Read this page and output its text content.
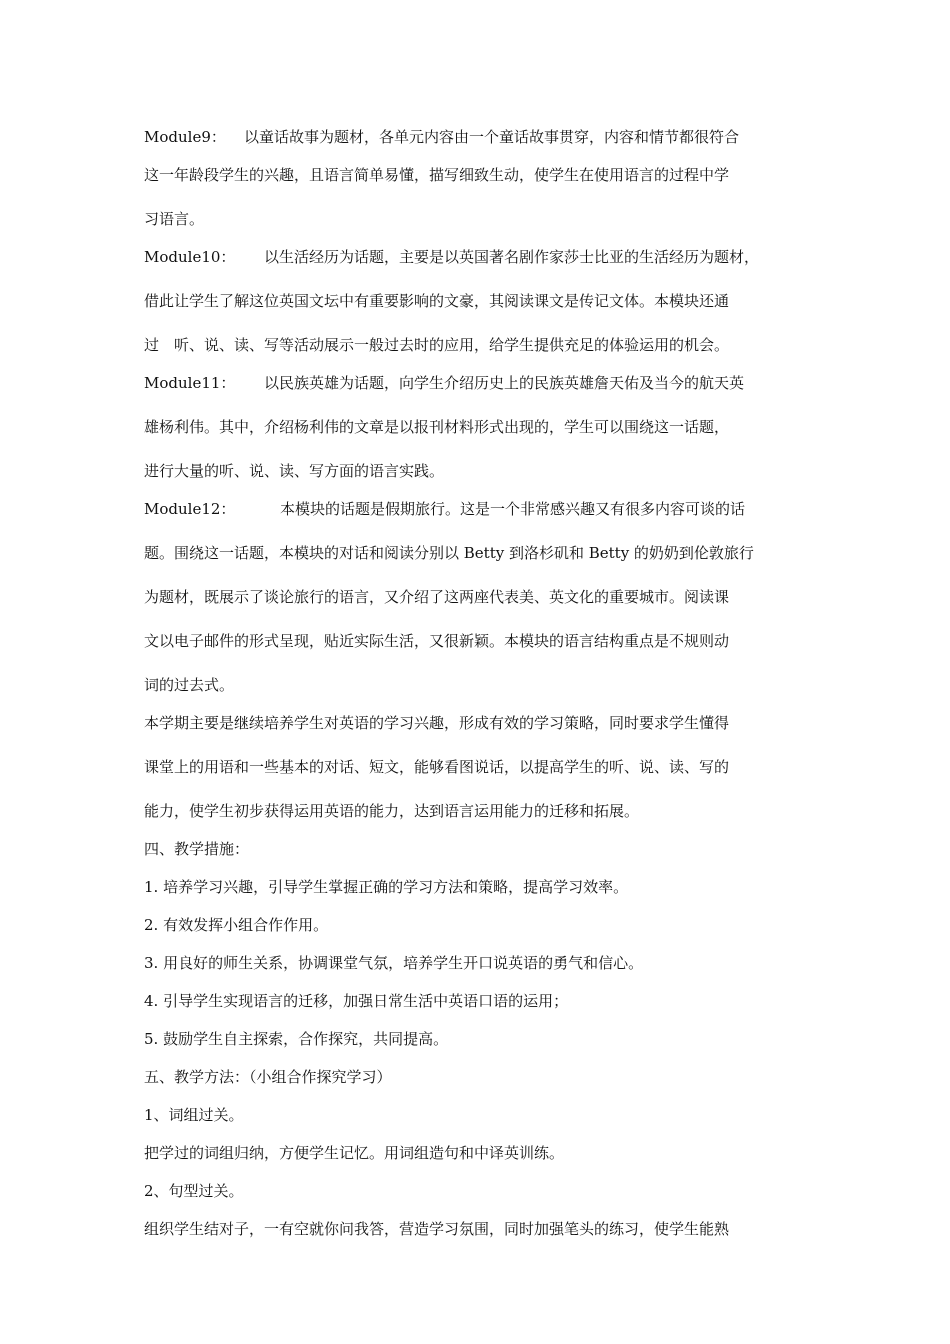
Module9： 以童话故事为题材，各单元内容由一个童话故事贯穿，内容和情节都很符合
这一年龄段学生的兴趣，且语言简单易懂，描写细致生动，使学生在使用语言的过程中学
习语言。
Module10： 以生活经历为话题，主要是以英国著名剧作家莎士比亚的生活经历为题材，
借此让学生了解这位英国文坛中有重要影响的文豪，其阅读课文是传记文体。本模块还通
过　听、说、读、写等活动展示一般过去时的应用，给学生提供充足的体验运用的机会。
Module11： 以民族英雄为话题，向学生介绍历史上的民族英雄詹天佑及当今的航天英
雄杨利伟。其中，介绍杨利伟的文章是以报刊材料形式出现的，学生可以围绕这一话题，
进行大量的听、说、读、写方面的语言实践。
Module12：	本模块的话题是假期旅行。这是一个非常感兴趣又有很多内容可谈的话
题。围绕这一话题，本模块的对话和阅读分别以 Betty 到洛杉矶和 Betty 的奶奶到伦敦旅行
为题材，既展示了谈论旅行的语言，又介绍了这两座代表美、英文化的重要城市。阅读课
文以电子邮件的形式呈现，贴近实际生活，又很新颖。本模块的语言结构重点是不规则动
词的过去式。
本学期主要是继续培养学生对英语的学习兴趣，形成有效的学习策略，同时要求学生懂得
课堂上的用语和一些基本的对话、短文，能够看图说话，以提高学生的听、说、读、写的
能力，使学生初步获得运用英语的能力，达到语言运用能力的迁移和拓展。
四、教学措施：
1. 培养学习兴趣，引导学生掌握正确的学习方法和策略，提高学习效率。
2. 有效发挥小组合作作用。
3. 用良好的师生关系，协调课堂气氛，培养学生开口说英语的勇气和信心。
4. 引导学生实现语言的迁移，加强日常生活中英语口语的运用；
5. 鼓励学生自主探索，合作探究，共同提高。
五、教学方法：（小组合作探究学习）
1、词组过关。
把学过的词组归纳，方便学生记忆。用词组造句和中译英训练。
2、句型过关。
组织学生结对子，一有空就你问我答，营造学习氛围，同时加强笔头的练习，使学生能熟
